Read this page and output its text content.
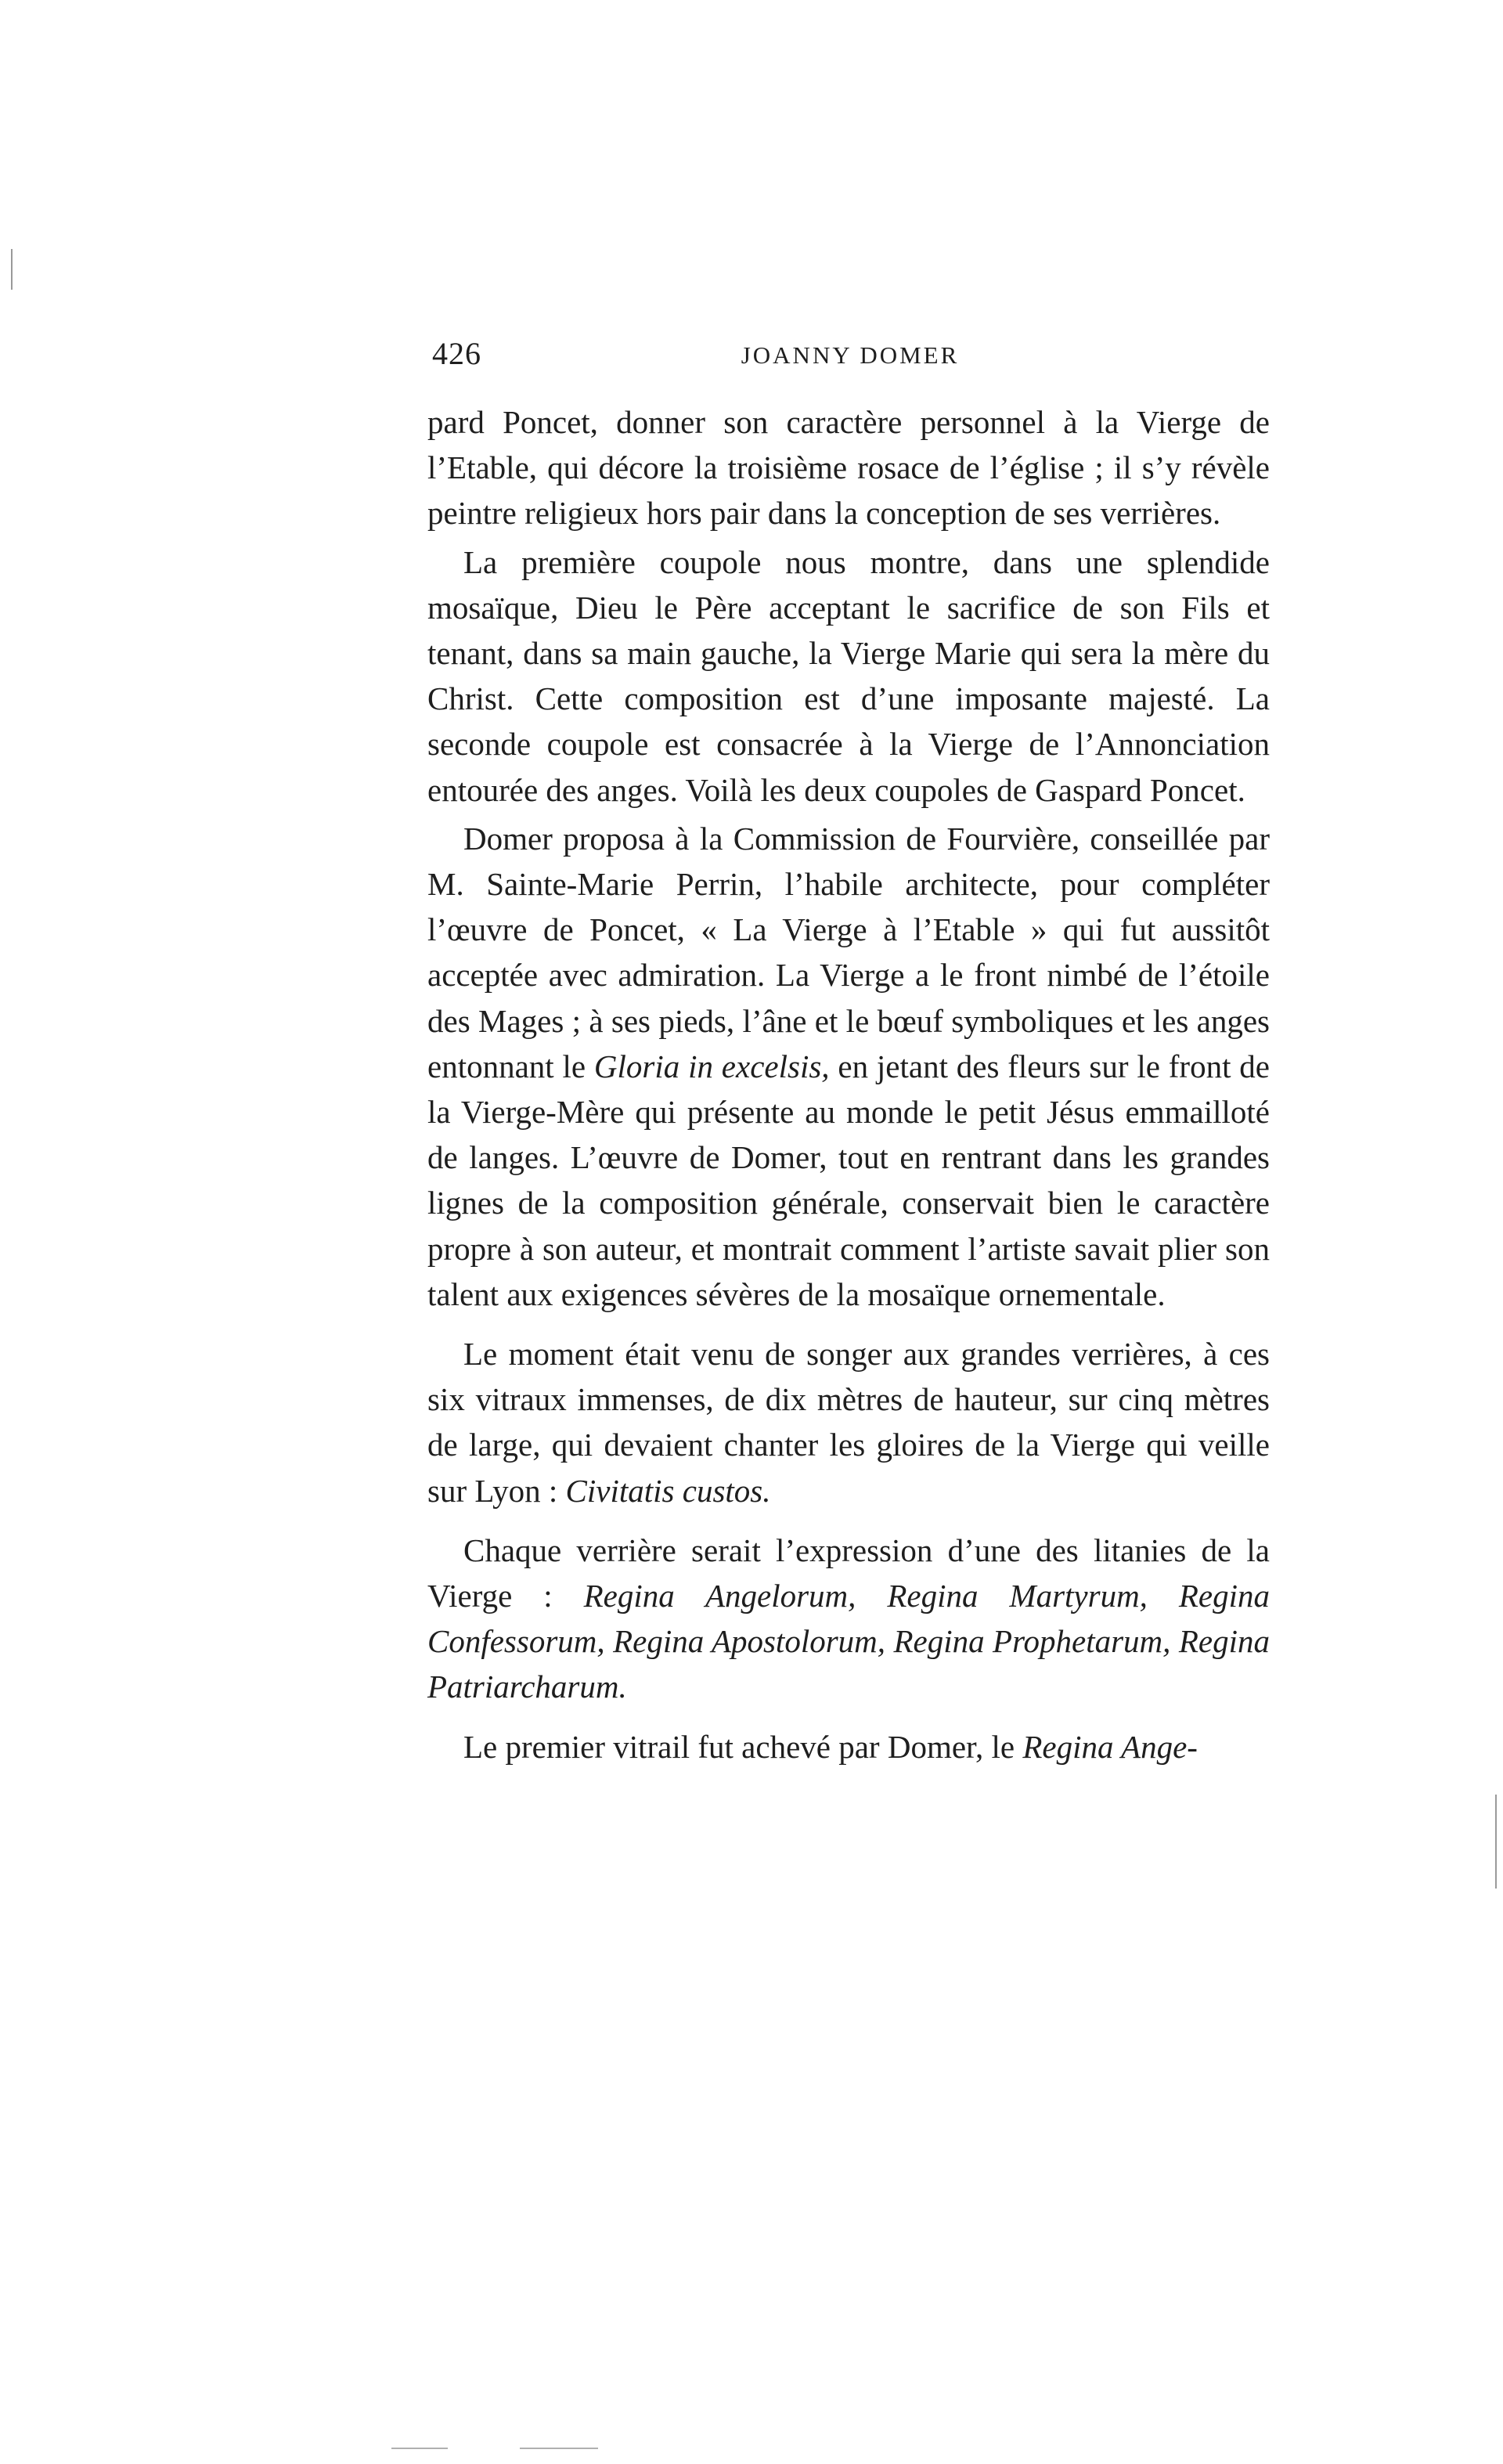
426	JOANNY DOMER

pard Poncet, donner son caractère personnel à la Vierge de l’Etable, qui décore la troisième rosace de l’église ; il s’y révèle peintre religieux hors pair dans la conception de ses verrières.

La première coupole nous montre, dans une splendide mosaïque, Dieu le Père acceptant le sacrifice de son Fils et tenant, dans sa main gauche, la Vierge Marie qui sera la mère du Christ. Cette composition est d’une imposante majesté. La seconde coupole est consacrée à la Vierge de l’Annonciation entourée des anges. Voilà les deux coupoles de Gaspard Poncet.

Domer proposa à la Commission de Fourvière, conseillée par M. Sainte-Marie Perrin, l’habile architecte, pour compléter l’œuvre de Poncet, « La Vierge à l’Etable » qui fut aussitôt acceptée avec admiration. La Vierge a le front nimbé de l’étoile des Mages ; à ses pieds, l’âne et le bœuf symboliques et les anges entonnant le Gloria in excelsis, en jetant des fleurs sur le front de la Vierge-Mère qui présente au monde le petit Jésus emmailloté de langes. L’œuvre de Domer, tout en rentrant dans les grandes lignes de la composition générale, conservait bien le caractère propre à son auteur, et montrait comment l’artiste savait plier son talent aux exigences sévères de la mosaïque ornementale.

Le moment était venu de songer aux grandes verrières, à ces six vitraux immenses, de dix mètres de hauteur, sur cinq mètres de large, qui devaient chanter les gloires de la Vierge qui veille sur Lyon : Civitatis custos.

Chaque verrière serait l’expression d’une des litanies de la Vierge : Regina Angelorum, Regina Martyrum, Regina Confessorum, Regina Apostolorum, Regina Prophetarum, Regina Patriarcharum.

Le premier vitrail fut achevé par Domer, le Regina Ange-
